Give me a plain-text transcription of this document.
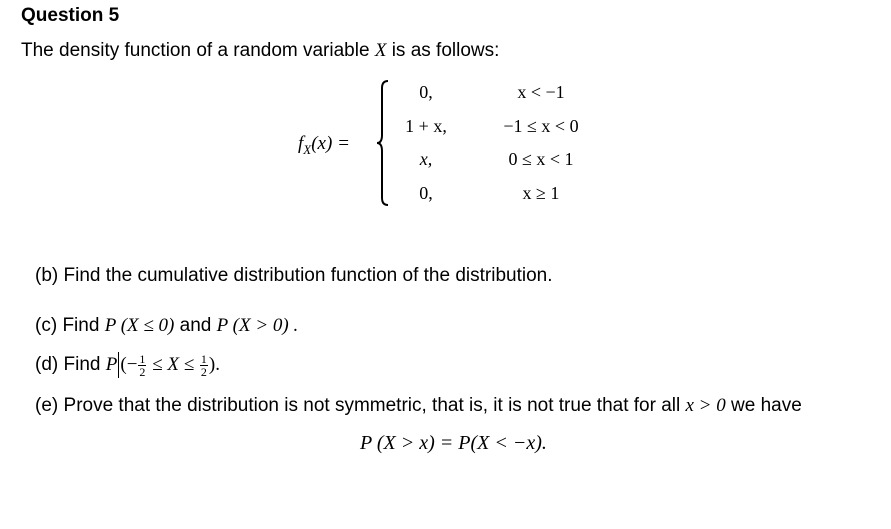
Question 5
The density function of a random variable X is as follows:
$f_X(x)$ =
0,
1 + x,
x,
0,
x < −1
−1 ≤ x < 0
0 ≤ x < 1
x ≥ 1
(b) Find the cumulative distribution function of the distribution.
(c) Find P (X ≤ 0) and P (X > 0) .
(d) Find P (− $\frac{1}{2} \le X \le \frac{1}{2}$ ).
(e) Prove that the distribution is not symmetric, that is, it is not true that for all x > 0 we have
P (X > x) = P(X < −x).
